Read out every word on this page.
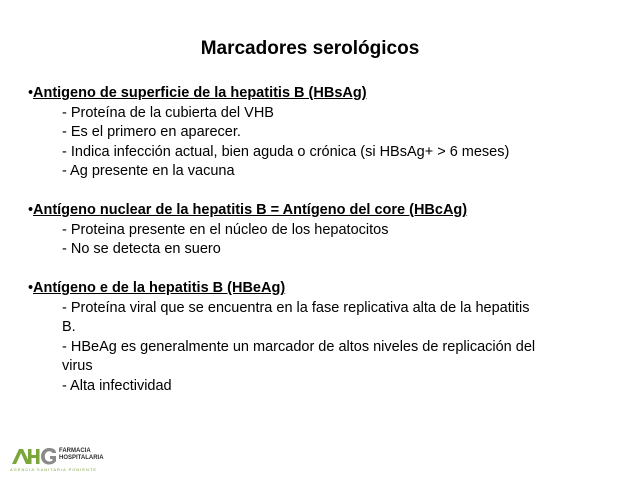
Marcadores serológicos
•Antigeno de superficie de la hepatitis B (HBsAg)
- Proteína de la cubierta del VHB
- Es el primero en aparecer.
- Indica infección actual, bien aguda o crónica (si HBsAg+ > 6 meses)
- Ag presente en la vacuna
•Antígeno nuclear de la hepatitis B = Antígeno del core (HBcAg)
- Proteina presente en el núcleo de los hepatocitos
- No se detecta en suero
•Antígeno e de la hepatitis B (HBeAg)
- Proteína viral que se encuentra en la fase replicativa alta de la hepatitis
B.
- HBeAg es generalmente un marcador de altos niveles de replicación del
virus
- Alta infectividad
FARMACIA
HOSPITALARIA
AGENCIA SANITARIA PONIENTE
